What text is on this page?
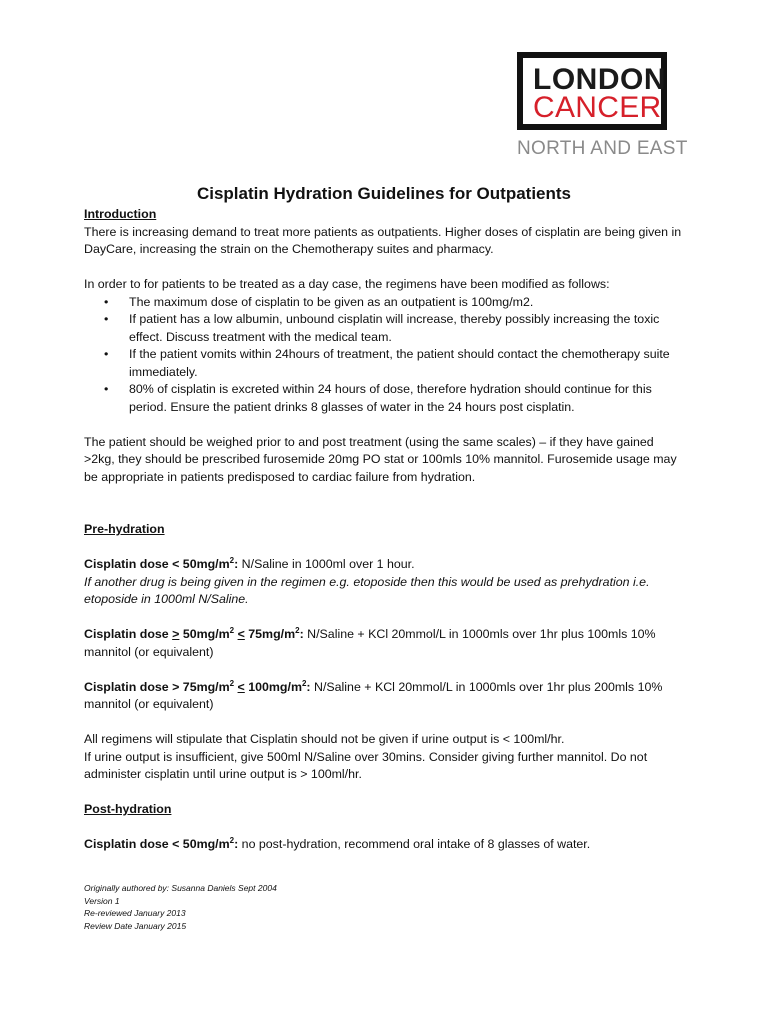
LONDON
CANCER
NORTH AND EAST
Cisplatin Hydration Guidelines for Outpatients

Introduction

There is increasing demand to treat more patients as outpatients. Higher doses of cisplatin are being given in DayCare, increasing the strain on the Chemotherapy suites and pharmacy.

In order to for patients to be treated as a day case, the regimens have been modified as follows:

• The maximum dose of cisplatin to be given as an outpatient is 100mg/m2.
• If patient has a low albumin, unbound cisplatin will increase, thereby possibly increasing the toxic effect. Discuss treatment with the medical team.
• If the patient vomits within 24hours of treatment, the patient should contact the chemotherapy suite immediately.
• 80% of cisplatin is excreted within 24 hours of dose, therefore hydration should continue for this period. Ensure the patient drinks 8 glasses of water in the 24 hours post cisplatin.

The patient should be weighed prior to and post treatment (using the same scales) – if they have gained >2kg, they should be prescribed furosemide 20mg PO stat or 100mls 10% mannitol. Furosemide usage may be appropriate in patients predisposed to cardiac failure from hydration.

Pre-hydration

Cisplatin dose < $50mg/m^2$: N/Saline in 1000ml over 1 hour.

If another drug is being given in the regimen e.g. etoposide then this would be used as prehydration i.e. etoposide in 1000ml N/Saline.

Cisplatin dose > $50mg/m^2 < 75mg/m^2$: N/Saline + KCl 20mmol/L in 1000mls over 1hr plus 100mls 10% mannitol (or equivalent)

Cisplatin dose > $75mg/m^2 < 100mg/m^2$: N/Saline + KCl 20mmol/L in 1000mls over 1hr plus 200mls 10% mannitol (or equivalent)

All regimens will stipulate that Cisplatin should not be given if urine output is < 100ml/hr.

If urine output is insufficient, give 500ml N/Saline over 30mins. Consider giving further mannitol. Do not administer cisplatin until urine output is > 100ml/hr.

Post-hydration

Cisplatin dose < $50mg/m^2$: no post-hydration, recommend oral intake of 8 glasses of water.

Originally authored by: Susanna Daniels Sept 2004
Version 1
Re-reviewed January 2013
Review Date January 2015
